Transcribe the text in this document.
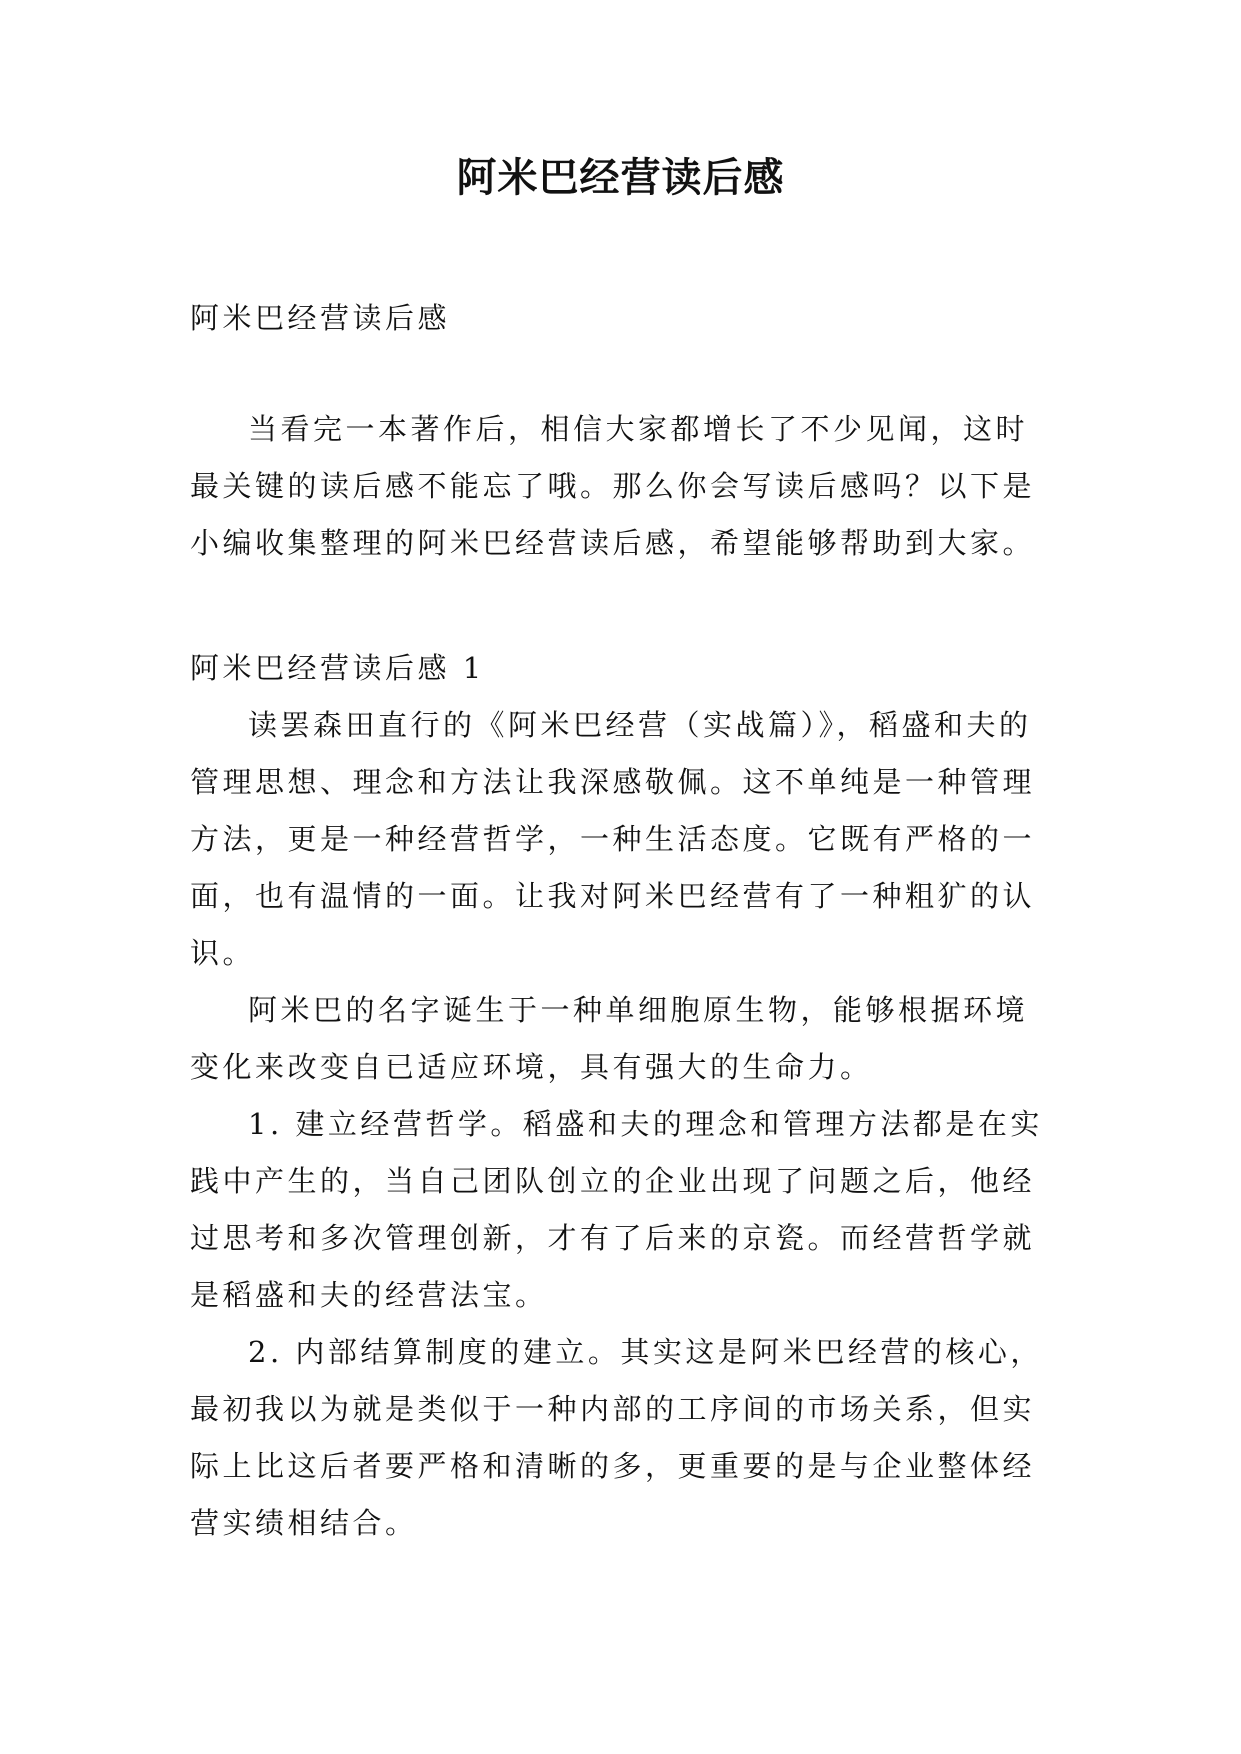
阿米巴经营读后感

阿米巴经营读后感

当看完一本著作后，相信大家都增长了不少见闻，这时最关键的读后感不能忘了哦。那么你会写读后感吗？以下是小编收集整理的阿米巴经营读后感，希望能够帮助到大家。

阿米巴经营读后感 1

读罢森田直行的《阿米巴经营（实战篇）》，稻盛和夫的管理思想、理念和方法让我深感敬佩。这不单纯是一种管理方法，更是一种经营哲学，一种生活态度。它既有严格的一面，也有温情的一面。让我对阿米巴经营有了一种粗犷的认识。

阿米巴的名字诞生于一种单细胞原生物，能够根据环境变化来改变自已适应环境，具有强大的生命力。

1. 建立经营哲学。稻盛和夫的理念和管理方法都是在实践中产生的，当自己团队创立的企业出现了问题之后，他经过思考和多次管理创新，才有了后来的京瓷。而经营哲学就是稻盛和夫的经营法宝。

2. 内部结算制度的建立。其实这是阿米巴经营的核心，最初我以为就是类似于一种内部的工序间的市场关系，但实际上比这后者要严格和清晰的多，更重要的是与企业整体经营实绩相结合。
